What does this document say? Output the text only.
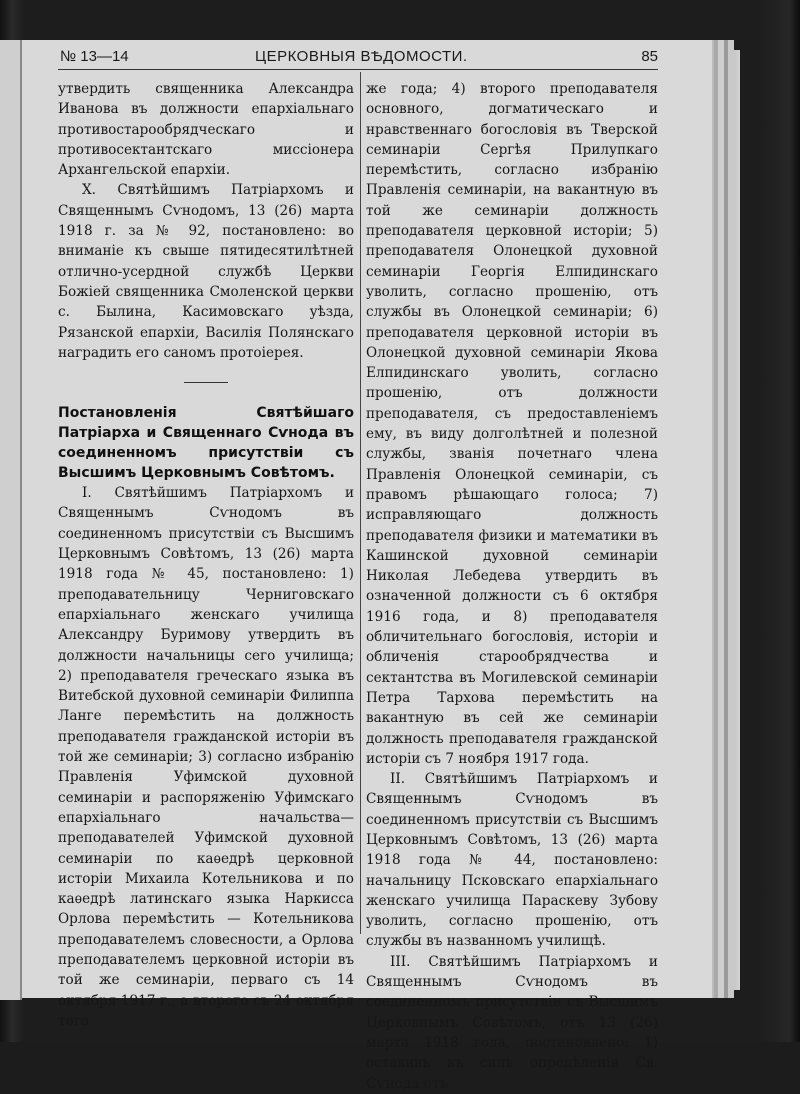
№ 13—14	ЦЕРКОВНЫЯ ВѢДОМОСТИ.	85

утвердить священника Александра Иванова въ должности епархіальнаго противостарообрядческаго и противосектантскаго миссіонера Архангельской епархіи.

X. Святѣйшимъ Патріархомъ и Священнымъ Сѵнодомъ, 13 (26) марта 1918 г. за № 92, постановлено: во вниманіе къ свыше пятидесятилѣтней отлично-усердной службѣ Церкви Божіей священника Смоленской церкви с. Былина, Касимовскаго уѣзда, Рязанской епархіи, Василія Полянскаго наградить его саномъ протоіерея.

Постановленія Святѣйшаго Патріарха и Священнаго Сѵнода въ соединенномъ присутствіи съ Высшимъ Церковнымъ Совѣтомъ.

I. Святѣйшимъ Патріархомъ и Священнымъ Сѵнодомъ въ соединенномъ присутствіи съ Высшимъ Церковнымъ Совѣтомъ, 13 (26) марта 1918 года № 45, постановлено: 1) преподавательницу Черниговскаго епархіальнаго женскаго училища Александру Буримову утвердить въ должности начальницы сего училища; 2) преподавателя греческаго языка въ Витебской духовной семинаріи Филиппа Ланге перемѣстить на должность преподавателя гражданской исторіи въ той же семинаріи; 3) согласно избранію Правленія Уфимской духовной семинаріи и распоряженію Уфимскаго епархіальнаго начальства— преподавателей Уфимской духовной семинаріи по каѳедрѣ церковной исторіи Михаила Котельникова и по каѳедрѣ латинскаго языка Наркисса Орлова перемѣстить — Котельникова преподавателемъ словесности, а Орлова преподавателемъ церковной исторіи въ той же семинаріи, перваго съ 14 октября 1917 г., а второго съ 24 октября того

же года; 4) второго преподавателя основного, догматическаго и нравственнаго богословія въ Тверской семинаріи Сергѣя Прилупкаго перемѣстить, согласно избранію Правленія семинаріи, на вакантную въ той же семинаріи должность преподавателя церковной исторіи; 5) преподавателя Олонецкой духовной семинаріи Георгія Елпидинскаго уволить, согласно прошенію, отъ службы въ Олонецкой семинаріи; 6) преподавателя церковной исторіи въ Олонецкой духовной семинаріи Якова Елпидинскаго уволить, согласно прошенію, отъ должности преподавателя, съ предоставленіемъ ему, въ виду долголѣтней и полезной службы, званія почетнаго члена Правленія Олонецкой семинаріи, съ правомъ рѣшающаго голоса; 7) исправляющаго должность преподавателя физики и математики въ Кашинской духовной семинаріи Николая Лебедева утвердить въ означенной должности съ 6 октября 1916 года, и 8) преподавателя обличительнаго богословія, исторіи и обличенія старообрядчества и сектантства въ Могилевской семинаріи Петра Тархова перемѣстить на вакантную въ сей же семинаріи должность преподавателя гражданской исторіи съ 7 ноября 1917 года.

II. Святѣйшимъ Патріархомъ и Священнымъ Сѵнодомъ въ соединенномъ присутствіи съ Высшимъ Церковнымъ Совѣтомъ, 13 (26) марта 1918 года № 44, постановлено: начальницу Псковскаго епархіальнаго женскаго училища Параскеву Зубову уволить, согласно прошенію, отъ службы въ названномъ училищѣ.

III. Святѣйшимъ Патріархомъ и Священнымъ Сѵнодомъ въ соединенномъ присутствіи съ Высшимъ Церковнымъ Совѣтомъ, отъ 13 (26) марта 1918 года, постановлено: 1) оставивъ въ силѣ опредѣленія Св. Сѵнода отъ
